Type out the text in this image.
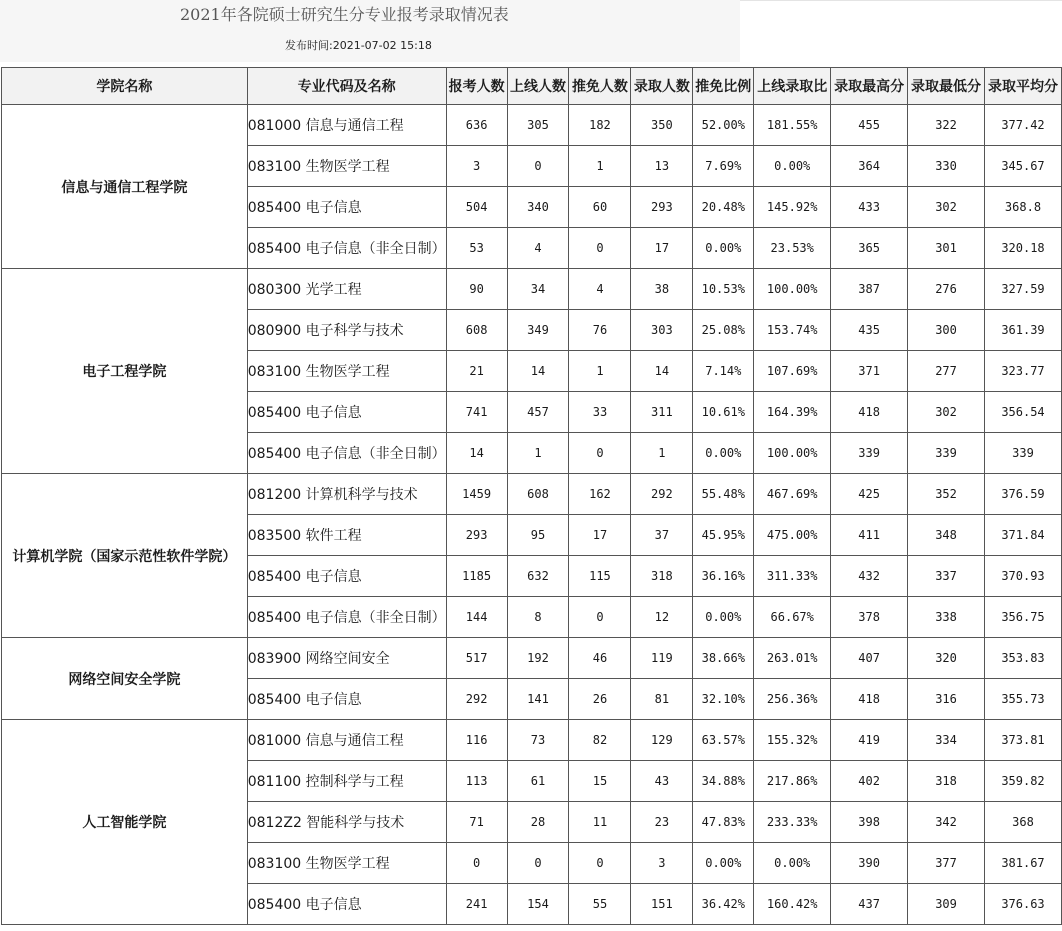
2021年各院硕士研究生分专业报考录取情况表
发布时间:2021-07-02 15:18
学院名称	专业代码及名称	报考人数	上线人数	推免人数	录取人数	推免比例	上线录取比	录取最高分	录取最低分	录取平均分
信息与通信工程学院	081000 信息与通信工程	636	305	182	350	52.00%	181.55%	455	322	377.42
	083100 生物医学工程	3	0	1	13	7.69%	0.00%	364	330	345.67
	085400 电子信息	504	340	60	293	20.48%	145.92%	433	302	368.8
	085400 电子信息（非全日制）	53	4	0	17	0.00%	23.53%	365	301	320.18
电子工程学院	080300 光学工程	90	34	4	38	10.53%	100.00%	387	276	327.59
	080900 电子科学与技术	608	349	76	303	25.08%	153.74%	435	300	361.39
	083100 生物医学工程	21	14	1	14	7.14%	107.69%	371	277	323.77
	085400 电子信息	741	457	33	311	10.61%	164.39%	418	302	356.54
	085400 电子信息（非全日制）	14	1	0	1	0.00%	100.00%	339	339	339
计算机学院（国家示范性软件学院）	081200 计算机科学与技术	1459	608	162	292	55.48%	467.69%	425	352	376.59
	083500 软件工程	293	95	17	37	45.95%	475.00%	411	348	371.84
	085400 电子信息	1185	632	115	318	36.16%	311.33%	432	337	370.93
	085400 电子信息（非全日制）	144	8	0	12	0.00%	66.67%	378	338	356.75
网络空间安全学院	083900 网络空间安全	517	192	46	119	38.66%	263.01%	407	320	353.83
	085400 电子信息	292	141	26	81	32.10%	256.36%	418	316	355.73
人工智能学院	081000 信息与通信工程	116	73	82	129	63.57%	155.32%	419	334	373.81
	081100 控制科学与工程	113	61	15	43	34.88%	217.86%	402	318	359.82
	0812Z2 智能科学与技术	71	28	11	23	47.83%	233.33%	398	342	368
	083100 生物医学工程	0	0	0	3	0.00%	0.00%	390	377	381.67
	085400 电子信息	241	154	55	151	36.42%	160.42%	437	309	376.63
